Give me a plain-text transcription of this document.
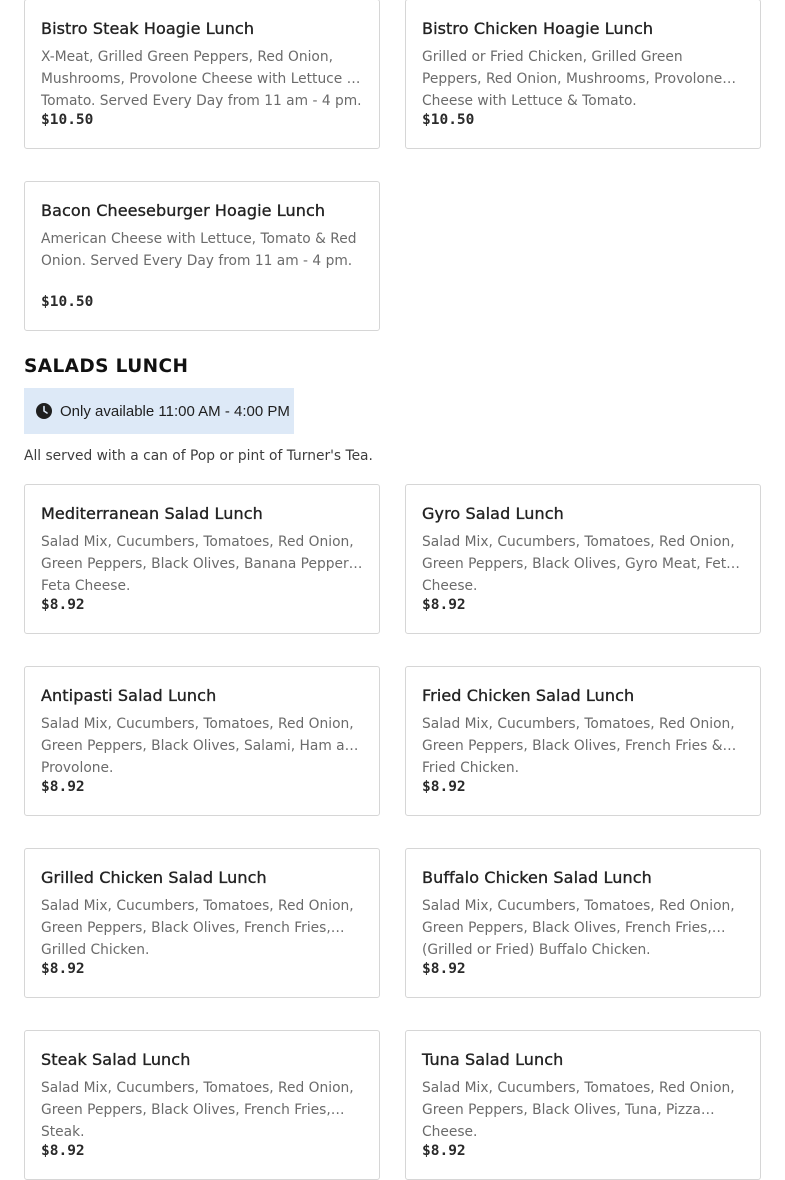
Bistro Steak Hoagie Lunch
X-Meat, Grilled Green Peppers, Red Onion, Mushrooms, Provolone Cheese with Lettuce & Tomato. Served Every Day from 11 am - 4 pm.
$10.50
Bistro Chicken Hoagie Lunch
Grilled or Fried Chicken, Grilled Green Peppers, Red Onion, Mushrooms, Provolone Cheese with Lettuce & Tomato.
$10.50
Bacon Cheeseburger Hoagie Lunch
American Cheese with Lettuce, Tomato & Red Onion. Served Every Day from 11 am - 4 pm.
$10.50
SALADS LUNCH
Only available 11:00 AM - 4:00 PM

All served with a can of Pop or pint of Turner's Tea.

Mediterranean Salad Lunch
Salad Mix, Cucumbers, Tomatoes, Red Onion, Green Peppers, Black Olives, Banana Peppers, Feta Cheese.
$8.92
Gyro Salad Lunch
Salad Mix, Cucumbers, Tomatoes, Red Onion, Green Peppers, Black Olives, Gyro Meat, Feta Cheese.
$8.92
Antipasti Salad Lunch
Salad Mix, Cucumbers, Tomatoes, Red Onion, Green Peppers, Black Olives, Salami, Ham and Provolone.
$8.92
Fried Chicken Salad Lunch
Salad Mix, Cucumbers, Tomatoes, Red Onion, Green Peppers, Black Olives, French Fries & Fried Chicken.
$8.92
Grilled Chicken Salad Lunch
Salad Mix, Cucumbers, Tomatoes, Red Onion, Green Peppers, Black Olives, French Fries, Grilled Chicken.
$8.92
Buffalo Chicken Salad Lunch
Salad Mix, Cucumbers, Tomatoes, Red Onion, Green Peppers, Black Olives, French Fries, (Grilled or Fried) Buffalo Chicken.
$8.92
Steak Salad Lunch
Salad Mix, Cucumbers, Tomatoes, Red Onion, Green Peppers, Black Olives, French Fries, Steak.
$8.92
Tuna Salad Lunch
Salad Mix, Cucumbers, Tomatoes, Red Onion, Green Peppers, Black Olives, Tuna, Pizza Cheese.
$8.92
